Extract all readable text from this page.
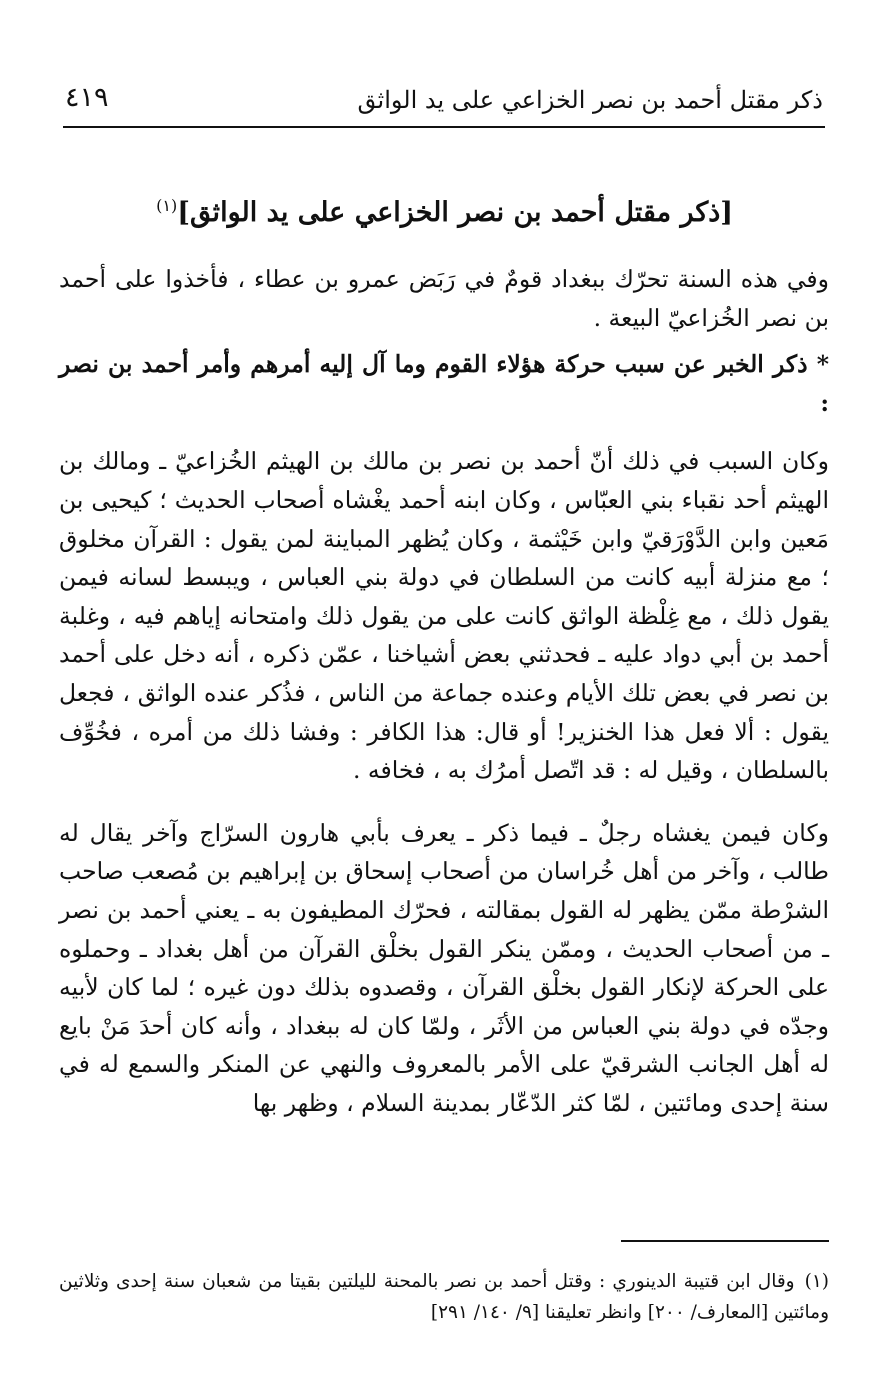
ذكر مقتل أحمد بن نصر الخزاعي على يد الواثق
٤١٩
[ذكر مقتل أحمد بن نصر الخزاعي على يد الواثق]$^{(١)}$

وفي هذه السنة تحرّك ببغداد قومٌ في رَبَض عمرو بن عطاء ، فأخذوا على أحمد بن نصر الخُزاعيّ البيعة .

* ذكر الخبر عن سبب حركة هؤلاء القوم وما آل إليه أمرهم وأمر أحمد بن نصر :

وكان السبب في ذلك أنّ أحمد بن نصر بن مالك بن الهيثم الخُزاعيّ ـ ومالك بن الهيثم أحد نقباء بني العبّاس ، وكان ابنه أحمد يغْشاه أصحاب الحديث ؛ كيحيى بن مَعين وابن الدَّوْرَقيّ وابن خَيْثمة ، وكان يُظهر المباينة لمن يقول : القرآن مخلوق ؛ مع منزلة أبيه كانت من السلطان في دولة بني العباس ، ويبسط لسانه فيمن يقول ذلك ، مع غِلْظة الواثق كانت على من يقول ذلك وامتحانه إياهم فيه ، وغلبة أحمد بن أبي دواد عليه ـ فحدثني بعض أشياخنا ، عمّن ذكره ، أنه دخل على أحمد بن نصر في بعض تلك الأيام وعنده جماعة من الناس ، فذُكر عنده الواثق ، فجعل يقول : ألا فعل هذا الخنزير! أو قال: هذا الكافر : وفشا ذلك من أمره ، فخُوِّف بالسلطان ، وقيل له : قد اتّصل أمرُك به ، فخافه .

وكان فيمن يغشاه رجلٌ ـ فيما ذكر ـ يعرف بأبي هارون السرّاج وآخر يقال له طالب ، وآخر من أهل خُراسان من أصحاب إسحاق بن إبراهيم بن مُصعب صاحب الشرْطة ممّن يظهر له القول بمقالته ، فحرّك المطيفون به ـ يعني أحمد بن نصر ـ من أصحاب الحديث ، وممّن ينكر القول بخلْق القرآن من أهل بغداد ـ وحملوه على الحركة لإنكار القول بخلْق القرآن ، وقصدوه بذلك دون غيره ؛ لما كان لأبيه وجدّه في دولة بني العباس من الأثَر ، ولمّا كان له ببغداد ، وأنه كان أحدَ مَنْ بايع له أهل الجانب الشرقيّ على الأمر بالمعروف والنهي عن المنكر والسمع له في سنة إحدى ومائتين ، لمّا كثر الدّعّار بمدينة السلام ، وظهر بها

(١)وقال ابن قتيبة الدينوري : وقتل أحمد بن نصر بالمحنة لليلتين بقيتا من شعبان سنة إحدى وثلاثين ومائتين [المعارف/ ٢٠٠] وانظر تعليقنا [٩/ ١٤٠/ ٢٩١]
